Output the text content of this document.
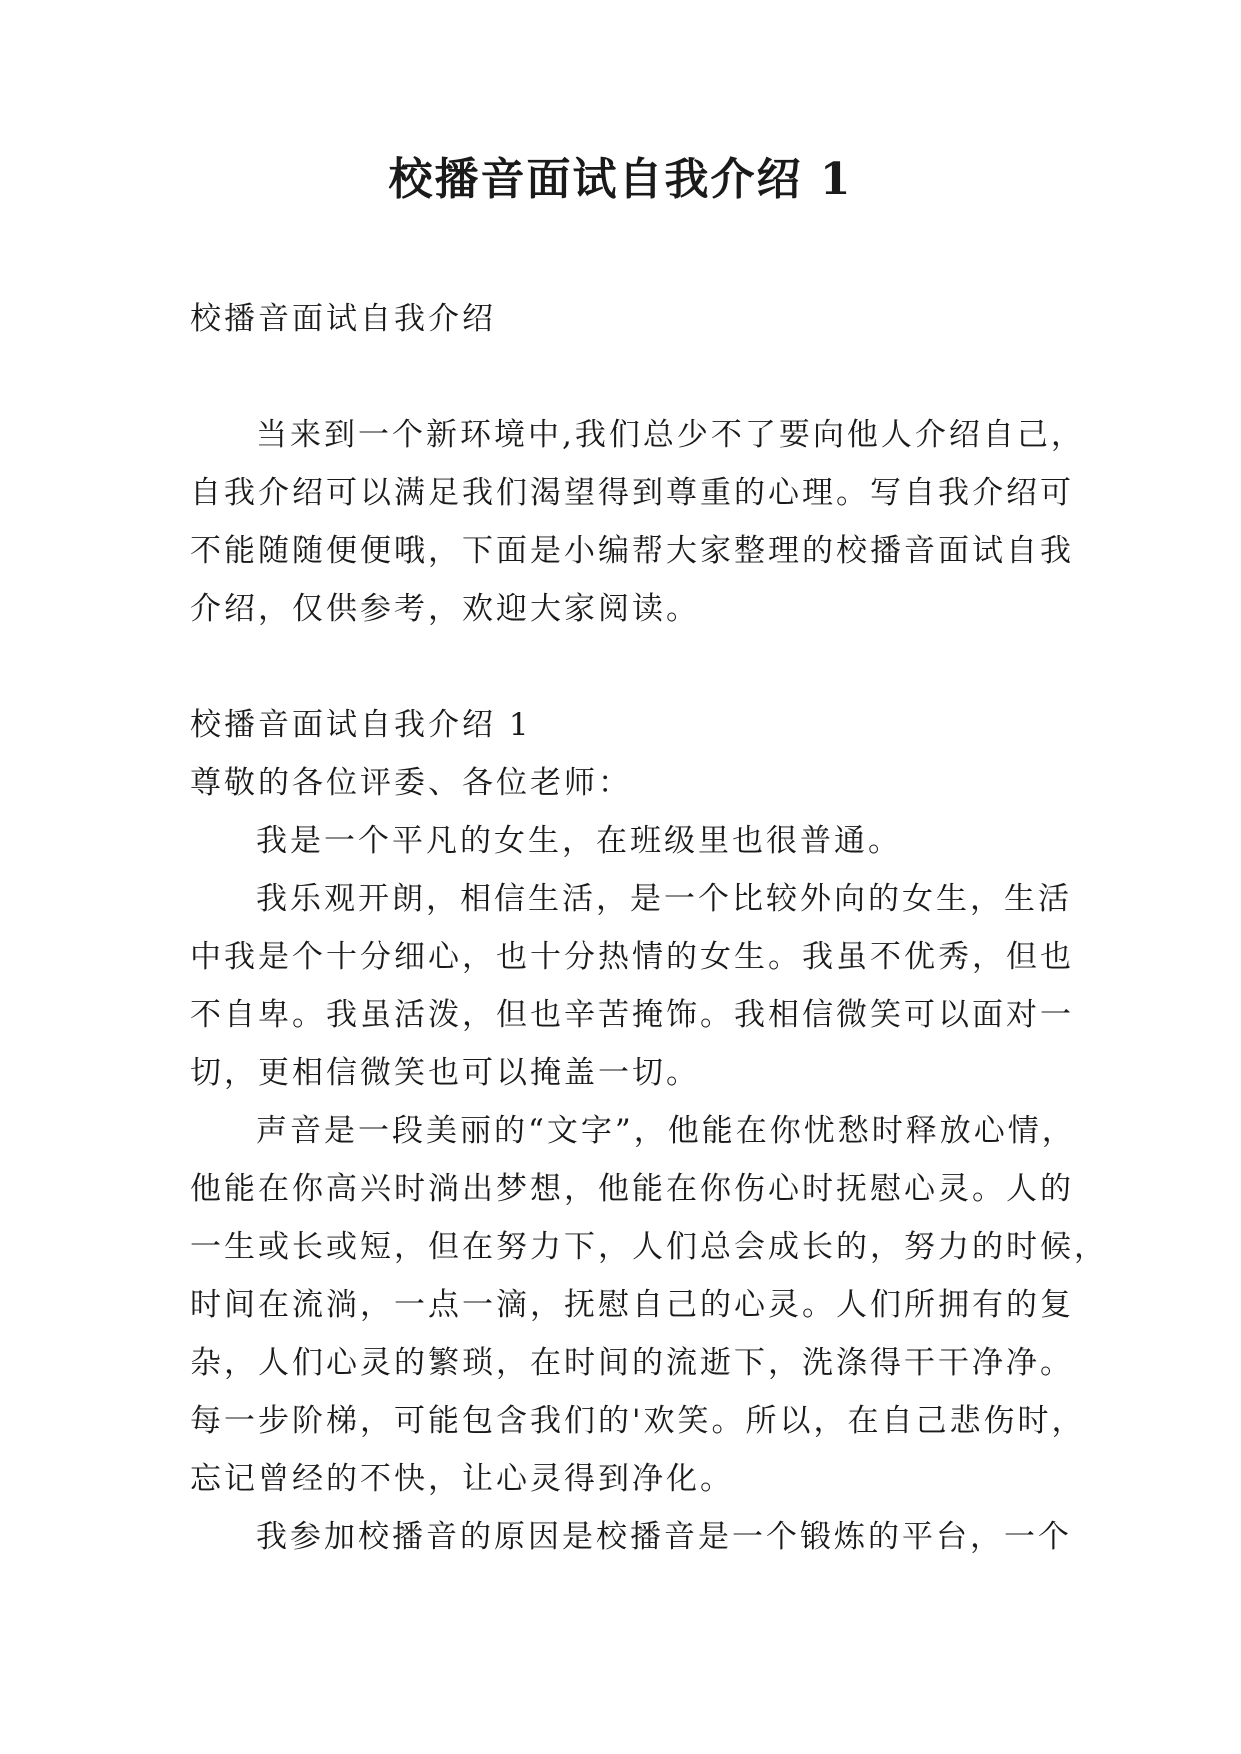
校播音面试自我介绍 1
校播音面试自我介绍
当来到一个新环境中,我们总少不了要向他人介绍自己，
自我介绍可以满足我们渴望得到尊重的心理。写自我介绍可
不能随随便便哦，下面是小编帮大家整理的校播音面试自我
介绍，仅供参考，欢迎大家阅读。
校播音面试自我介绍 1
尊敬的各位评委、各位老师：
我是一个平凡的女生，在班级里也很普通。
我乐观开朗，相信生活，是一个比较外向的女生，生活
中我是个十分细心，也十分热情的女生。我虽不优秀，但也
不自卑。我虽活泼，但也辛苦掩饰。我相信微笑可以面对一
切，更相信微笑也可以掩盖一切。
声音是一段美丽的“文字”，他能在你忧愁时释放心情，
他能在你高兴时淌出梦想，他能在你伤心时抚慰心灵。人的
一生或长或短，但在努力下，人们总会成长的，努力的时候，
时间在流淌，一点一滴，抚慰自己的心灵。人们所拥有的复
杂，人们心灵的繁琐，在时间的流逝下，洗涤得干干净净。
每一步阶梯，可能包含我们的'欢笑。所以，在自己悲伤时，
忘记曾经的不快，让心灵得到净化。
我参加校播音的原因是校播音是一个锻炼的平台，一个
